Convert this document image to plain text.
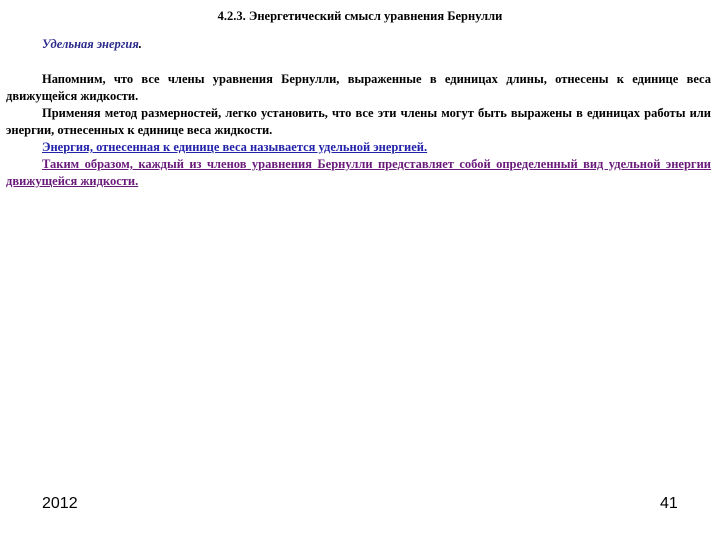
4.2.3. Энергетический смысл уравнения Бернулли
Удельная энергия.

Напомним, что все члены уравнения Бернулли, выраженные в единицах длины, отнесены к единице веса движущейся жидкости.

Применяя метод размерностей, легко установить, что все эти члены могут быть выражены в единицах работы или энергии, отнесенных к единице веса жидкости.

Энергия, отнесенная к единице веса называется удельной энергией.

Таким образом, каждый из членов уравнения Бернулли представляет собой определенный вид удельной энергии движущейся жидкости.

2012	41
